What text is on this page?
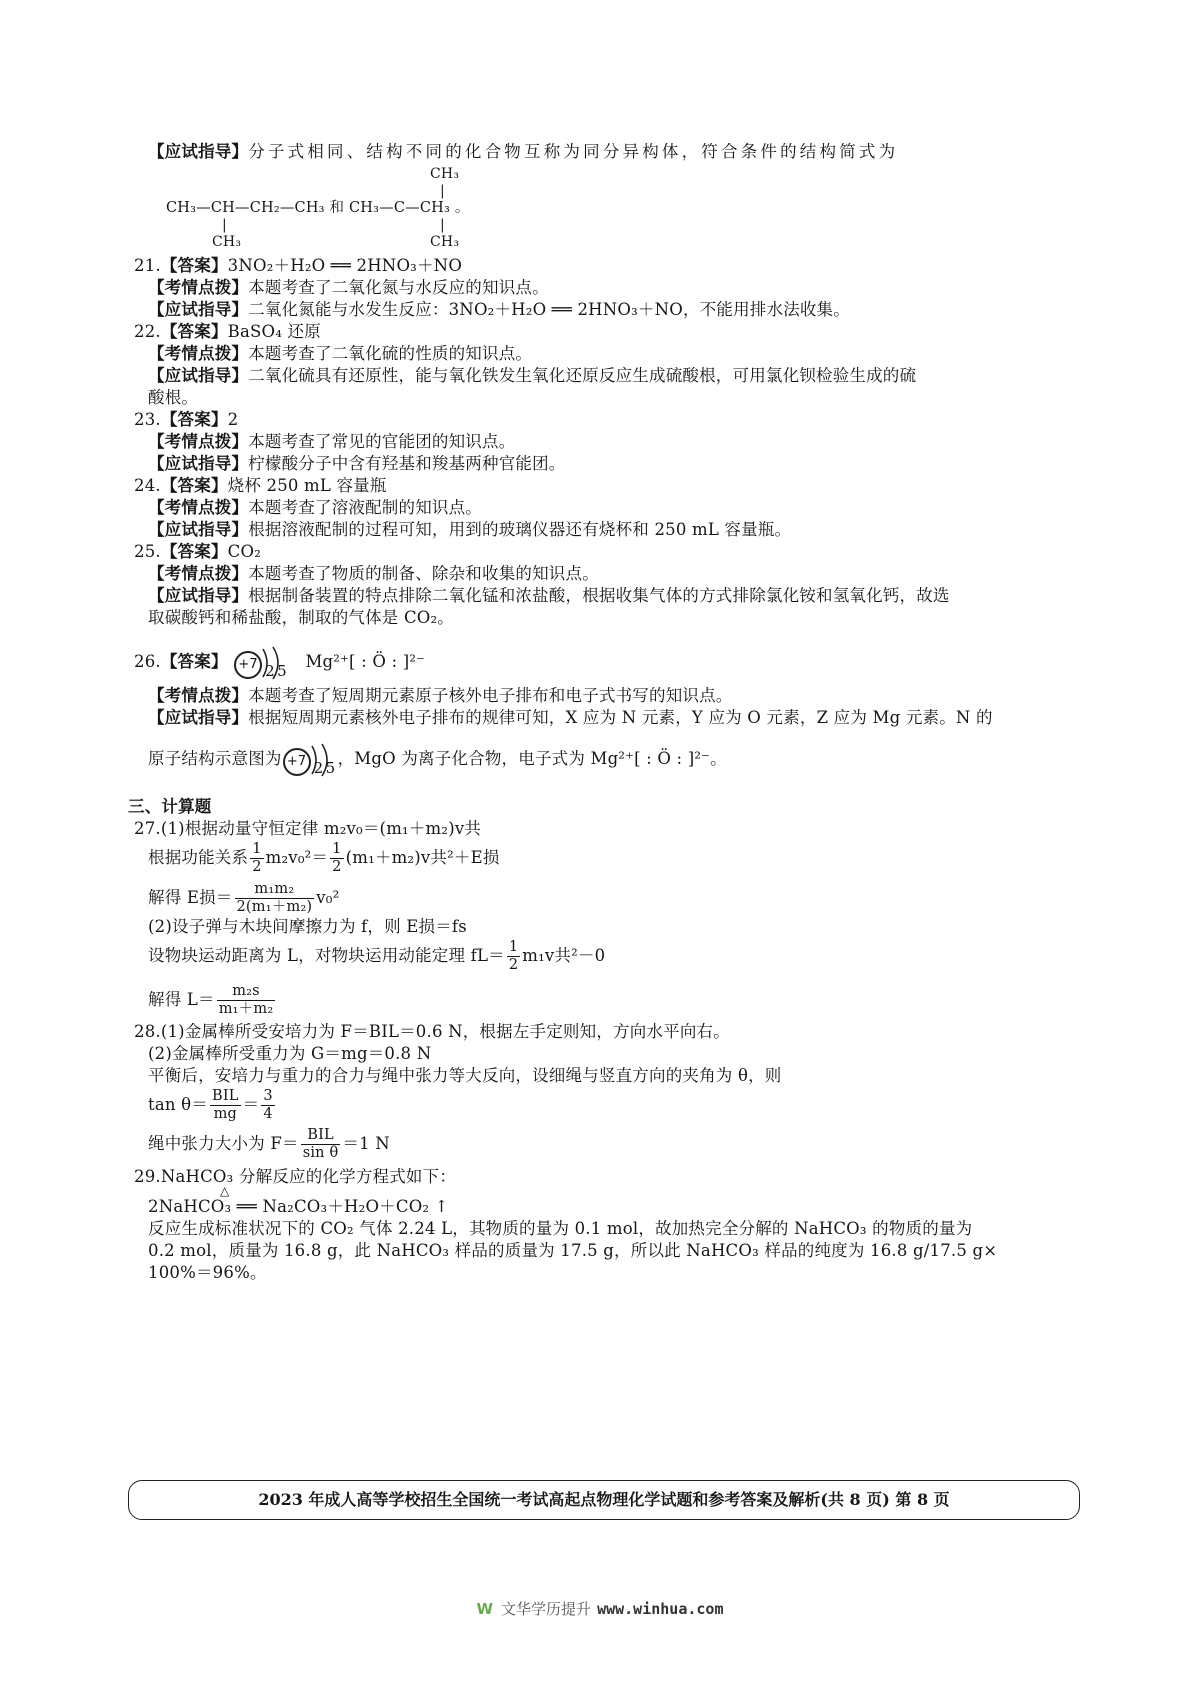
【应试指导】分子式相同、结构不同的化合物互称为同分异构体，符合条件的结构简式为
CH₃
|
CH₃—CH—CH₂—CH₃ 和 CH₃—C—CH₃ 。
|	|
CH₃	CH₃
21.【答案】3NO₂＋H₂O ══ 2HNO₃＋NO
【考情点拨】本题考查了二氧化氮与水反应的知识点。
【应试指导】二氧化氮能与水发生反应：3NO₂＋H₂O ══ 2HNO₃＋NO，不能用排水法收集。
22.【答案】BaSO₄ 还原
【考情点拨】本题考查了二氧化硫的性质的知识点。
【应试指导】二氧化硫具有还原性，能与氧化铁发生氧化还原反应生成硫酸根，可用氯化钡检验生成的硫
酸根。
23.【答案】2
【考情点拨】本题考查了常见的官能团的知识点。
【应试指导】柠檬酸分子中含有羟基和羧基两种官能团。
24.【答案】烧杯 250 mL 容量瓶
【考情点拨】本题考查了溶液配制的知识点。
【应试指导】根据溶液配制的过程可知，用到的玻璃仪器还有烧杯和 250 mL 容量瓶。
25.【答案】CO₂
【考情点拨】本题考查了物质的制备、除杂和收集的知识点。
【应试指导】根据制备装置的特点排除二氧化锰和浓盐酸，根据收集气体的方式排除氯化铵和氢氧化钙，故选
取碳酸钙和稀盐酸，制取的气体是 CO₂。
26.【答案】 +7 2 5 Mg²⁺[ : Ö : ]²⁻
【考情点拨】本题考查了短周期元素原子核外电子排布和电子式书写的知识点。
【应试指导】根据短周期元素核外电子排布的规律可知，X 应为 N 元素，Y 应为 O 元素，Z 应为 Mg 元素。N 的
原子结构示意图为 +7 2 5 ，MgO 为离子化合物，电子式为 Mg²⁺[ : Ö : ]²⁻。
三、计算题
27.(1)根据动量守恒定律 m₂v₀＝(m₁＋m₂)v共
根据功能关系 $\frac{1}{2} m_2v_0^2= \frac{1}{2} (m_1+m_2)v$共²＋E损
解得 E损＝ $\frac{\text{m₁m₂}}{\text{2(m₁＋m₂)}} v_0^2$
(2)设子弹与木块间摩擦力为 f，则 E损＝fs
设物块运动距离为 L，对物块运用动能定理 $fL= \frac{1}{2} m_1v$共²－0
解得 $L= \frac{\text{m₂s}}{\text{m₁＋m₂}}$
28.(1)金属棒所受安培力为 F＝BIL＝0.6 N，根据左手定则知，方向水平向右。
(2)金属棒所受重力为 G＝mg＝0.8 N
平衡后，安培力与重力的合力与绳中张力等大反向，设细绳与竖直方向的夹角为 θ，则
$\tan \theta= \frac{\text{BIL}}{mg} = \frac{3}{4}$
绳中张力大小为 $F= \frac{\text{BIL}}{\text{sin θ}} =1$ N
29.NaHCO₃ 分解反应的化学方程式如下：
△
2NaHCO₃ ══ Na₂CO₃＋H₂O＋CO₂ ↑
反应生成标准状况下的 CO₂ 气体 2.24 L，其物质的量为 0.1 mol，故加热完全分解的 NaHCO₃ 的物质的量为
0.2 mol，质量为 16.8 g，此 NaHCO₃ 样品的质量为 17.5 g，所以此 NaHCO₃ 样品的纯度为 16.8 g/17.5 g×
100%＝96%。
2023 年成人高等学校招生全国统一考试高起点物理化学试题和参考答案及解析(共 8 页) 第 8 页
W 文华学历提升 www.winhua.com
